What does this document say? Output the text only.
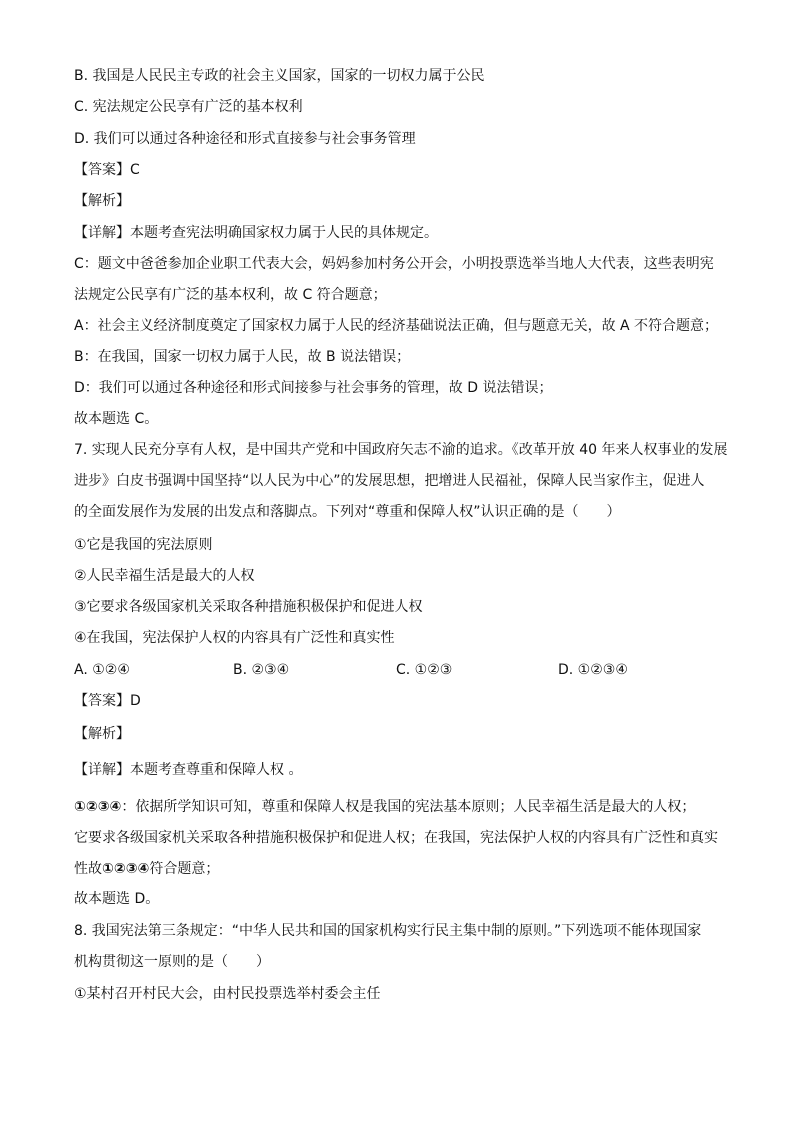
B. 我国是人民民主专政的社会主义国家，国家的一切权力属于公民
C. 宪法规定公民享有广泛的基本权利
D. 我们可以通过各种途径和形式直接参与社会事务管理
【答案】C
【解析】
【详解】本题考查宪法明确国家权力属于人民的具体规定。
C：题文中爸爸参加企业职工代表大会，妈妈参加村务公开会，小明投票选举当地人大代表，这些表明宪
法规定公民享有广泛的基本权利，故 C 符合题意；
A：社会主义经济制度奠定了国家权力属于人民的经济基础说法正确，但与题意无关，故 A 不符合题意；
B：在我国，国家一切权力属于人民，故 B 说法错误；
D：我们可以通过各种途径和形式间接参与社会事务的管理，故 D 说法错误；
故本题选 C。
7. 实现人民充分享有人权，是中国共产党和中国政府矢志不渝的追求。《改革开放 40 年来人权事业的发展
进步》白皮书强调中国坚持“以人民为中心”的发展思想，把增进人民福祉，保障人民当家作主，促进人
的全面发展作为发展的出发点和落脚点。下列对“尊重和保障人权”认识正确的是（　　）
①它是我国的宪法原则
②人民幸福生活是最大的人权
③它要求各级国家机关采取各种措施积极保护和促进人权
④在我国，宪法保护人权的内容具有广泛性和真实性
A. ①②④	B. ②③④	C. ①②③	D. ①②③④
【答案】D
【解析】
【详解】本题考查尊重和保障人权 。
①②③④：依据所学知识可知，尊重和保障人权是我国的宪法基本原则；人民幸福生活是最大的人权；
它要求各级国家机关采取各种措施积极保护和促进人权；在我国，宪法保护人权的内容具有广泛性和真实
性故①②③④符合题意；
故本题选 D。
8. 我国宪法第三条规定：“中华人民共和国的国家机构实行民主集中制的原则。”下列选项不能体现国家
机构贯彻这一原则的是（　　）
①某村召开村民大会，由村民投票选举村委会主任
